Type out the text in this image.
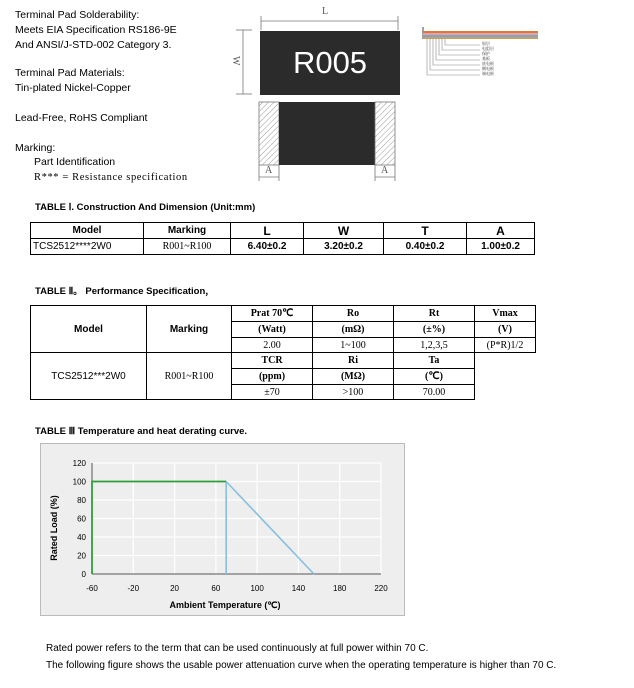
Terminal Pad Solderability:
Meets EIA Specification RS186-9E
And ANSI/J-STD-002 Category 3.
Terminal Pad Materials:
Tin-plated Nickel-Copper
Lead-Free, RoHS Compliant
Marking:
Part Identification
R*** = Resistance specification
L
W	R005
银层
电阻层
保护
基板
底电极
侧电极
端电极
A	A
TABLE Ⅰ. Construction And Dimension (Unit:mm)
Model	Marking	L	W	T	A
TCS2512****2W0	R001~R100	6.40±0.2	3.20±0.2	0.40±0.2	1.00±0.2
TABLE Ⅱ。 Performance Specification，
Model	Marking	Prat 70℃	Ro	Rt	Vmax
		(Watt)	(mΩ)	(±%)	(V)
		2.00	1~100	1,2,3,5	(P*R)1/2
TCS2512***2W0	R001~R100	TCR	Ri	Ta	
		(ppm)	(MΩ)	(℃)	
		±70	>100	70.00	
TABLE Ⅲ Temperature and heat derating curve.
0
20
40
60
80
100
120
-60	-20	20	60	100	140	180	220
Ambient Temperature (℃)
Rated Load (%)
Rated power refers to the term that can be used continuously at full power within 70 C.
The following figure shows the usable power attenuation curve when the operating temperature is higher than 70 C.
